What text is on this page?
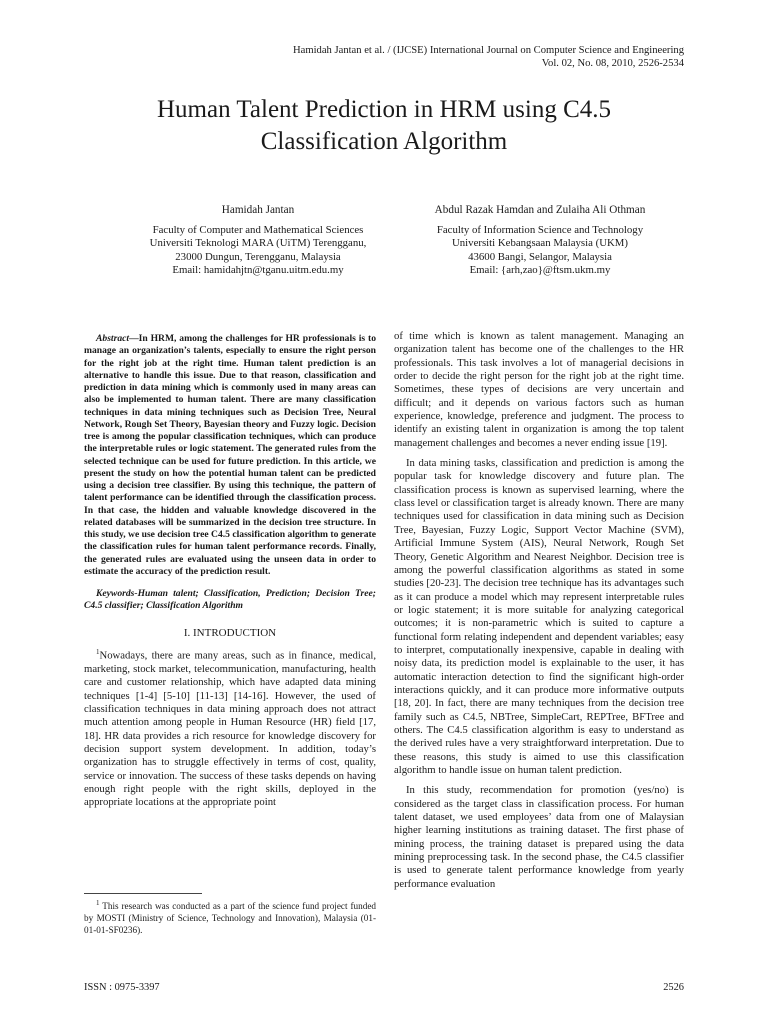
Hamidah Jantan et al. / (IJCSE) International Journal on Computer Science and Engineering
Vol. 02, No. 08, 2010, 2526-2534
Human Talent Prediction in HRM using C4.5
Classification Algorithm
Hamidah Jantan
Faculty of Computer and Mathematical Sciences
Universiti Teknologi MARA (UiTM) Terengganu,
23000 Dungun, Terengganu, Malaysia
Email: hamidahjtn@tganu.uitm.edu.my
Abdul Razak Hamdan and Zulaiha Ali Othman
Faculty of Information Science and Technology
Universiti Kebangsaan Malaysia (UKM)
43600 Bangi, Selangor, Malaysia
Email: {arh,zao}@ftsm.ukm.my

Abstract—In HRM, among the challenges for HR professionals is to manage an organization’s talents, especially to ensure the right person for the right job at the right time. Human talent prediction is an alternative to handle this issue. Due to that reason, classification and prediction in data mining which is commonly used in many areas can also be implemented to human talent. There are many classification techniques in data mining techniques such as Decision Tree, Neural Network, Rough Set Theory, Bayesian theory and Fuzzy logic. Decision tree is among the popular classification techniques, which can produce the interpretable rules or logic statement. The generated rules from the selected technique can be used for future prediction. In this article, we present the study on how the potential human talent can be predicted using a decision tree classifier. By using this technique, the pattern of talent performance can be identified through the classification process. In that case, the hidden and valuable knowledge discovered in the related databases will be summarized in the decision tree structure. In this study, we use decision tree C4.5 classification algorithm to generate the classification rules for human talent performance records. Finally, the generated rules are evaluated using the unseen data in order to estimate the accuracy of the prediction result.

Keywords-Human talent; Classification, Prediction; Decision Tree; C4.5 classifier; Classification Algorithm

I. INTRODUCTION

$^1$Nowadays, there are many areas, such as in finance, medical, marketing, stock market, telecommunication, manufacturing, health care and customer relationship, which have adapted data mining techniques [1-4] [5-10] [11-13] [14-16]. However, the used of classification techniques in data mining approach does not attract much attention among people in Human Resource (HR) field [17, 18]. HR data provides a rich resource for knowledge discovery for decision support system development. In addition, today’s organization has to struggle effectively in terms of cost, quality, service or innovation. The success of these tasks depends on having enough right people with the right skills, deployed in the appropriate locations at the appropriate point

$^1$ This research was conducted as a part of the science fund project funded by MOSTI (Ministry of Science, Technology and Innovation), Malaysia (01-01-01-SF0236).

of time which is known as talent management. Managing an organization talent has become one of the challenges to the HR professionals. This task involves a lot of managerial decisions in order to decide the right person for the right job at the right time. Sometimes, these types of decisions are very uncertain and difficult; and it depends on various factors such as human experience, knowledge, preference and judgment. The process to identify an existing talent in organization is among the top talent management challenges and becomes a never ending issue [19].

In data mining tasks, classification and prediction is among the popular task for knowledge discovery and future plan. The classification process is known as supervised learning, where the class level or classification target is already known. There are many techniques used for classification in data mining such as Decision Tree, Bayesian, Fuzzy Logic, Support Vector Machine (SVM), Artificial Immune System (AIS), Neural Network, Rough Set Theory, Genetic Algorithm and Nearest Neighbor. Decision tree is among the powerful classification algorithms as stated in some studies [20-23]. The decision tree technique has its advantages such as it can produce a model which may represent interpretable rules or logic statement; it is more suitable for analyzing categorical outcomes; it is non-parametric which is suited to capture a functional form relating independent and dependent variables; easy to interpret, computationally inexpensive, capable in dealing with noisy data, its prediction model is explainable to the user, it has automatic interaction detection to find the significant high-order interactions quickly, and it can produce more informative outputs [18, 20]. In fact, there are many techniques from the decision tree family such as C4.5, NBTree, SimpleCart, REPTree, BFTree and others. The C4.5 classification algorithm is easy to understand as the derived rules have a very straightforward interpretation. Due to these reasons, this study is aimed to use this classification algorithm to handle issue on human talent prediction.

In this study, recommendation for promotion (yes/no) is considered as the target class in classification process. For human talent dataset, we used employees’ data from one of Malaysian higher learning institutions as training dataset. The first phase of mining process, the training dataset is prepared using the data mining preprocessing task. In the second phase, the C4.5 classifier is used to generate talent performance knowledge from yearly performance evaluation

ISSN : 0975-3397	2526
